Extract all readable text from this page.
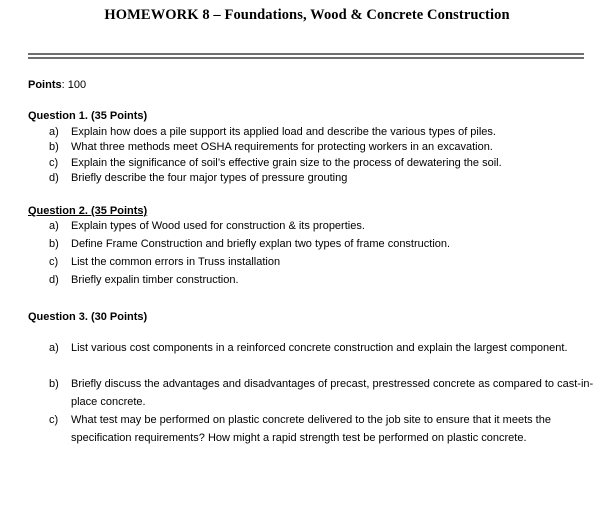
HOMEWORK 8 – Foundations, Wood & Concrete Construction
Points: 100
Question 1. (35 Points)
a) Explain how does a pile support its applied load and describe the various types of piles.
b) What three methods meet OSHA requirements for protecting workers in an excavation.
c) Explain the significance of soil’s effective grain size to the process of dewatering the soil.
d) Briefly describe the four major types of pressure grouting
Question 2. (35 Points)
a) Explain types of Wood used for construction & its properties.
b) Define Frame Construction and briefly explan two types of frame construction.
c) List the common errors in Truss installation
d) Briefly expalin timber construction.
Question 3. (30 Points)
a) List various cost components in a reinforced concrete construction and explain the largest component.
b) Briefly discuss the advantages and disadvantages of precast, prestressed concrete as compared to cast-in-place concrete.
c) What test may be performed on plastic concrete delivered to the job site to ensure that it meets the specification requirements? How might a rapid strength test be performed on plastic concrete.
